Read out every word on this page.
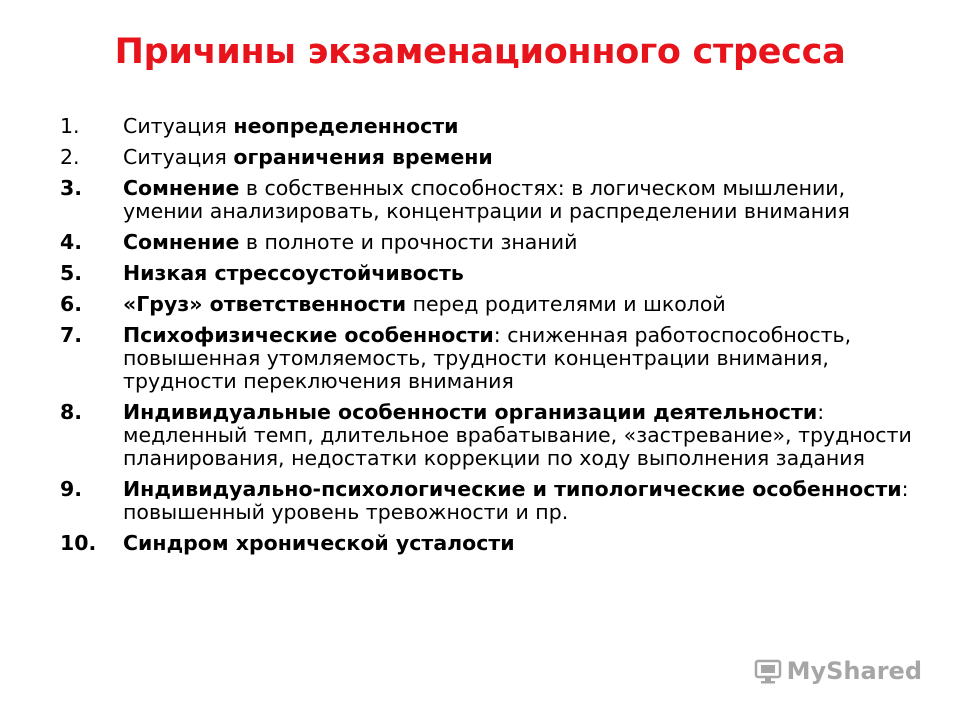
Причины экзаменационного стресса
1.	Ситуация неопределенности
2.	Ситуация ограничения времени
3.	Сомнение в собственных способностях: в логическом мышлении, умении анализировать, концентрации и распределении внимания
4.	Сомнение в полноте и прочности знаний
5.	Низкая стрессоустойчивость
6.	«Груз» ответственности перед родителями и школой
7.	Психофизические особенности: сниженная работоспособность, повышенная утомляемость, трудности концентрации внимания, трудности переключения внимания
8.	Индивидуальные особенности организации деятельности: медленный темп, длительное врабатывание, «застревание», трудности планирования, недостатки коррекции по ходу выполнения задания
9.	Индивидуально-психологические и типологические особенности: повышенный уровень тревожности и пр.
10.	Синдром хронической усталости
MyShared
